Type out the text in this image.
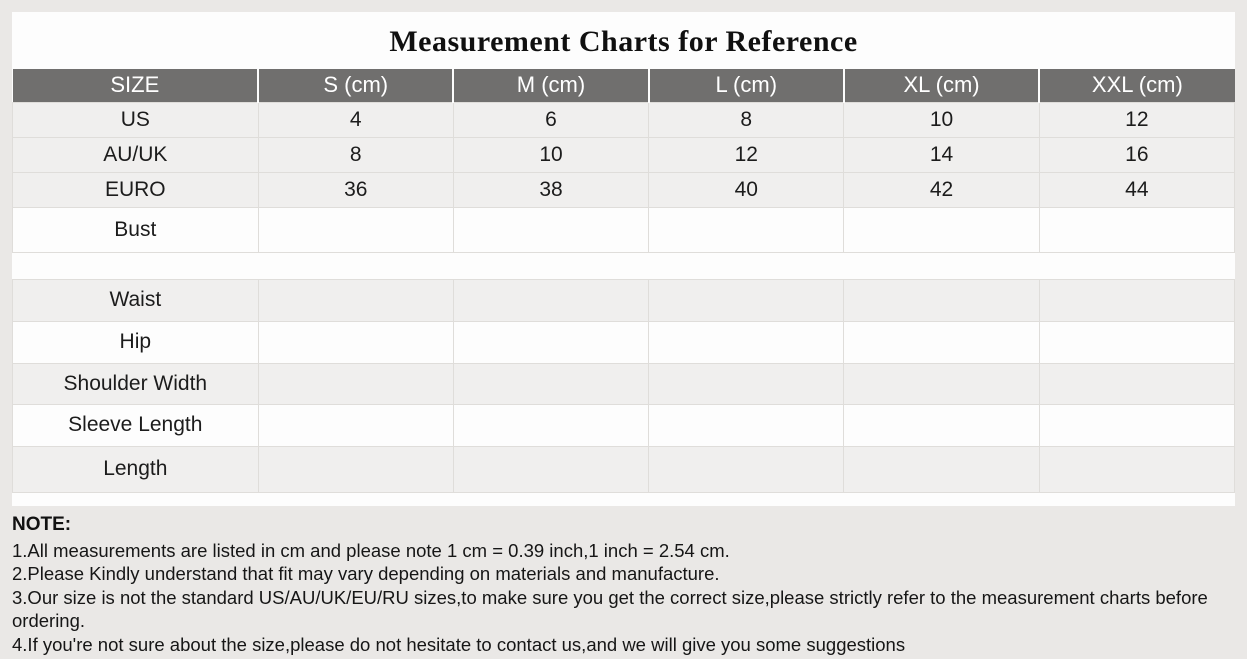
Measurement Charts for Reference
SIZE	S (cm)	M (cm)	L (cm)	XL (cm)	XXL (cm)
US	4	6	8	10	12
AU/UK	8	10	12	14	16
EURO	36	38	40	42	44
Bust					

Waist					
Hip					
Shoulder Width					
Sleeve Length					
Length					
NOTE:
1.All measurements are listed in cm and please note 1 cm = 0.39 inch,1 inch = 2.54 cm.
2.Please Kindly understand that fit may vary depending on materials and manufacture.
3.Our size is not the standard US/AU/UK/EU/RU sizes,to make sure you get the correct size,please strictly refer to the measurement charts before ordering.
4.If you're not sure about the size,please do not hesitate to contact us,and we will give you some suggestions
